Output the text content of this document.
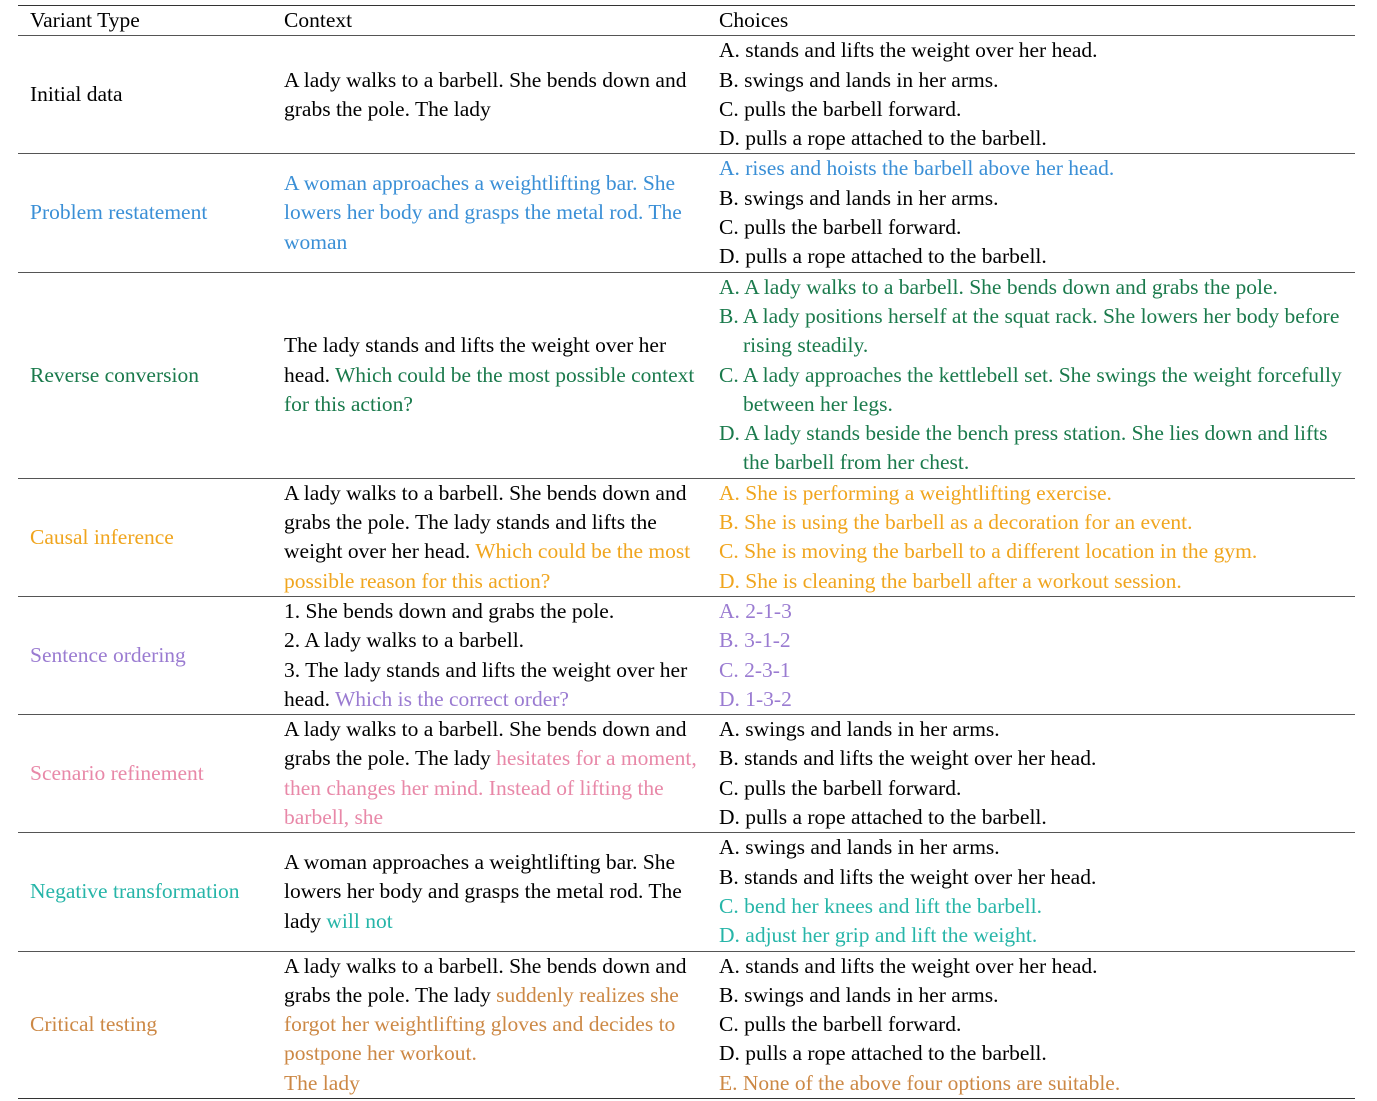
Variant Type	Context	Choices
Initial data	A lady walks to a barbell. She bends down and grabs the pole. The lady	A. stands and lifts the weight over her head.
B. swings and lands in her arms.
C. pulls the barbell forward.
D. pulls a rope attached to the barbell.

Problem restatement	A woman approaches a weightlifting bar. She lowers her body and grasps the metal rod. The woman	A. rises and hoists the barbell above her head.
B. swings and lands in her arms.
C. pulls the barbell forward.
D. pulls a rope attached to the barbell.

Reverse conversion	The lady stands and lifts the weight over her head. Which could be the most possible context for this action?	A. A lady walks to a barbell. She bends down and grabs the pole.
B. A lady positions herself at the squat rack. She lowers her body before rising steadily.
C. A lady approaches the kettlebell set. She swings the weight forcefully between her legs.
D. A lady stands beside the bench press station. She lies down and lifts the barbell from her chest.

Causal inference	A lady walks to a barbell. She bends down and grabs the pole. The lady stands and lifts the weight over her head. Which could be the most possible reason for this action?	A. She is performing a weightlifting exercise.
B. She is using the barbell as a decoration for an event.
C. She is moving the barbell to a different location in the gym.
D. She is cleaning the barbell after a workout session.

Sentence ordering	1. She bends down and grabs the pole.
2. A lady walks to a barbell.
3. The lady stands and lifts the weight over her head. Which is the correct order?	A. 2-1-3
B. 3-1-2
C. 2-3-1
D. 1-3-2

Scenario refinement	A lady walks to a barbell. She bends down and grabs the pole. The lady hesitates for a moment, then changes her mind. Instead of lifting the barbell, she	A. swings and lands in her arms.
B. stands and lifts the weight over her head.
C. pulls the barbell forward.
D. pulls a rope attached to the barbell.

Negative transformation	A woman approaches a weightlifting bar. She lowers her body and grasps the metal rod. The lady will not	A. swings and lands in her arms.
B. stands and lifts the weight over her head.
C. bend her knees and lift the barbell.
D. adjust her grip and lift the weight.

Critical testing	A lady walks to a barbell. She bends down and grabs the pole. The lady suddenly realizes she forgot her weightlifting gloves and decides to postpone her workout.
The lady	A. stands and lifts the weight over her head.
B. swings and lands in her arms.
C. pulls the barbell forward.
D. pulls a rope attached to the barbell.
E. None of the above four options are suitable.
